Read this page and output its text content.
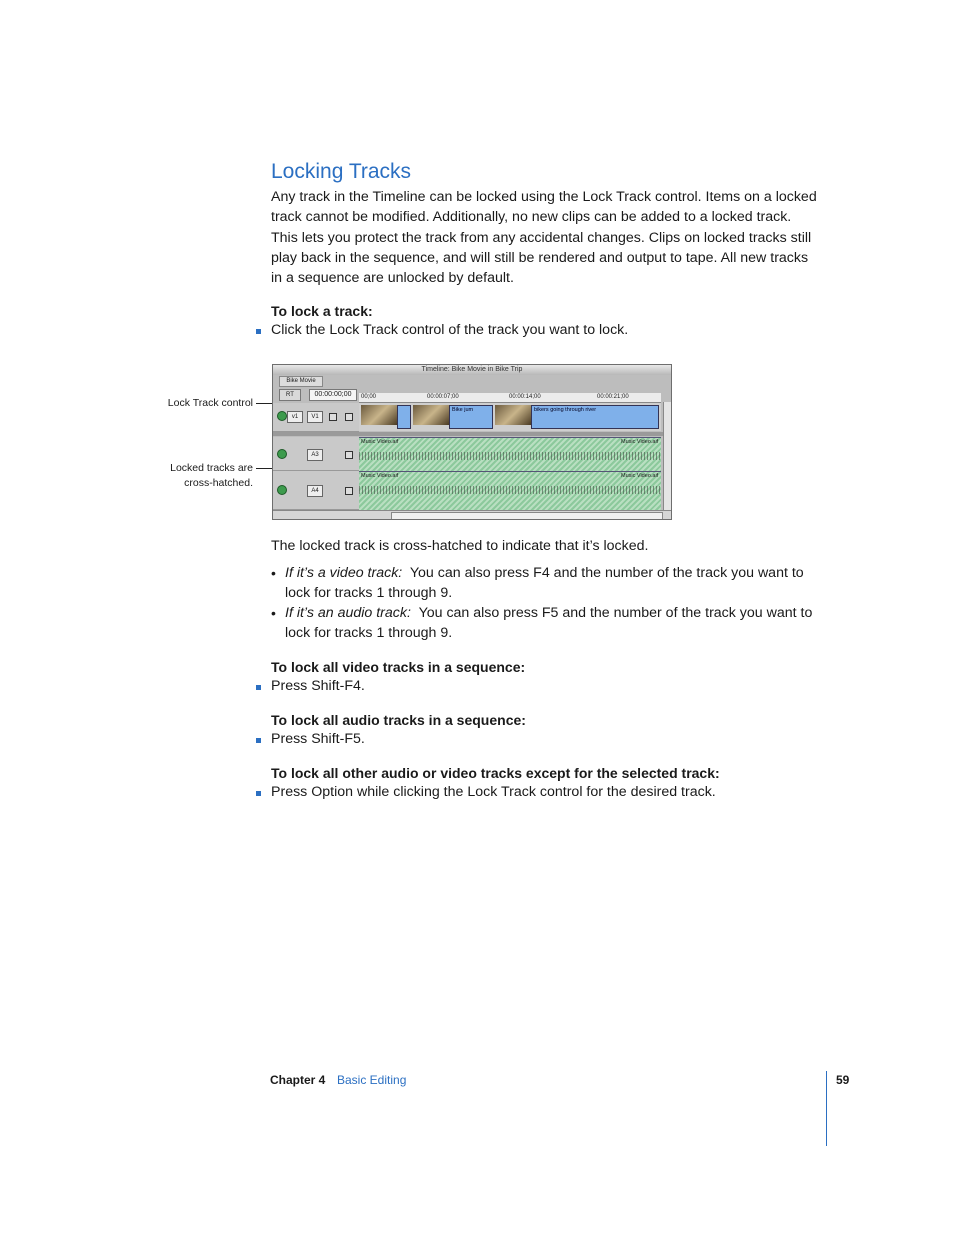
Locking Tracks
Any track in the Timeline can be locked using the Lock Track control. Items on a locked
track cannot be modified. Additionally, no new clips can be added to a locked track.
This lets you protect the track from any accidental changes. Clips on locked tracks still
play back in the sequence, and will still be rendered and output to tape. All new tracks
in a sequence are unlocked by default.
To lock a track:
Click the Lock Track control of the track you want to lock.
Lock Track control
Locked tracks are
cross-hatched.
Timeline: Bike Movie in Bike Trip
Bike Movie
RT	00:00:00;00	00;00	00:00:07;00	00:00:14;00	00:00:21;00
v1	V1
Bike jum	bikers going through river
A3
Music Video.aif	Music Video.aif
A4
Music Video.aif	Music Video.aif
The locked track is cross-hatched to indicate that it’s locked.
• If it’s a video track: You can also press F4 and the number of the track you want to
lock for tracks 1 through 9.
• If it’s an audio track: You can also press F5 and the number of the track you want to
lock for tracks 1 through 9.
To lock all video tracks in a sequence:
Press Shift-F4.
To lock all audio tracks in a sequence:
Press Shift-F5.
To lock all other audio or video tracks except for the selected track:
Press Option while clicking the Lock Track control for the desired track.
Chapter 4 Basic Editing	59
